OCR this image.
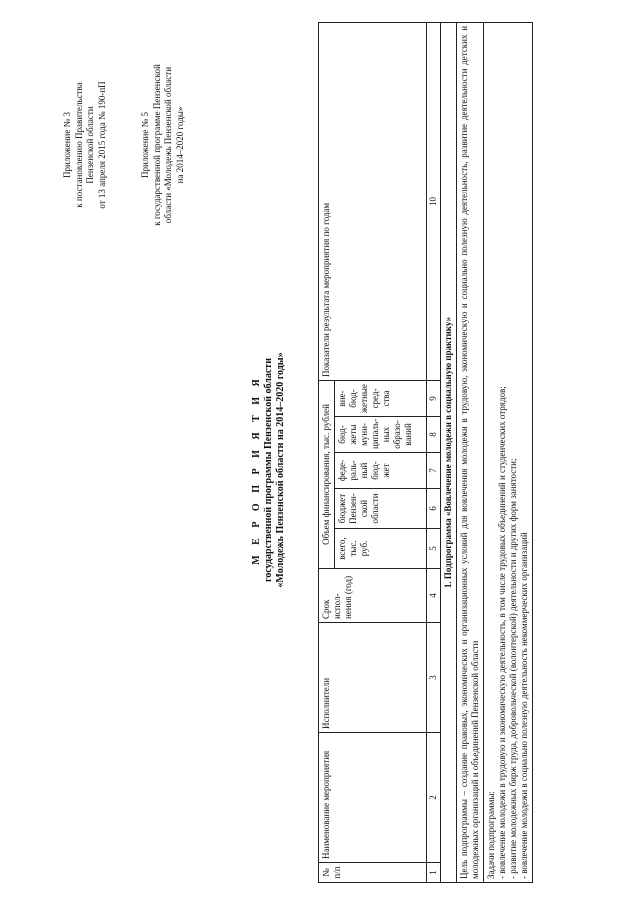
Приложение № 3 к постановлению Правительства Пензенской области от 13 апреля 2015 года № 190-пП	Приложение № 5 к государственной программе Пензенской области «Молодежь Пензенской области на 2014–2020 годы»
М Е Р О П Р И Я Т И Я государственной программы Пензенской области «Молодежь Пензенской области на 2014–2020 годы»
№ п/п	Наименование мероприятия	Исполнители	Срок испол-нения (год)	Объем финансирования, тыс. рублей					Показатели результата мероприятия по годам
				всего, тыс. руб.	бюджет Пензен-ской области	феде-раль-ный бюд-жет	бюд-жеты муни-ципаль-ных образо-ваний	вне-бюд-жетные сред-ства	
1	2	3	4	5	6	7	8	9	10
1. Подпрограмма «Вовлечение молодежи в социальную практику»									
Цель подпрограммы – создание правовых, экономических и организационных условий для вовлечения молодежи в трудовую, экономическую и социально полезную деятельность, развитие деятельности детских и молодежных организаций и объединений Пензенской области									

Задачи подпрограммы: - вовлечение молодежи в трудовую и экономическую деятельность, в том числе трудовых объединений и студенческих отрядов; - развитие молодежных бирж труда, добровольческой (волонтерской) деятельности и других форм занятости; - вовлечение молодежи в социально полезную деятельность некоммерческих организаций									
